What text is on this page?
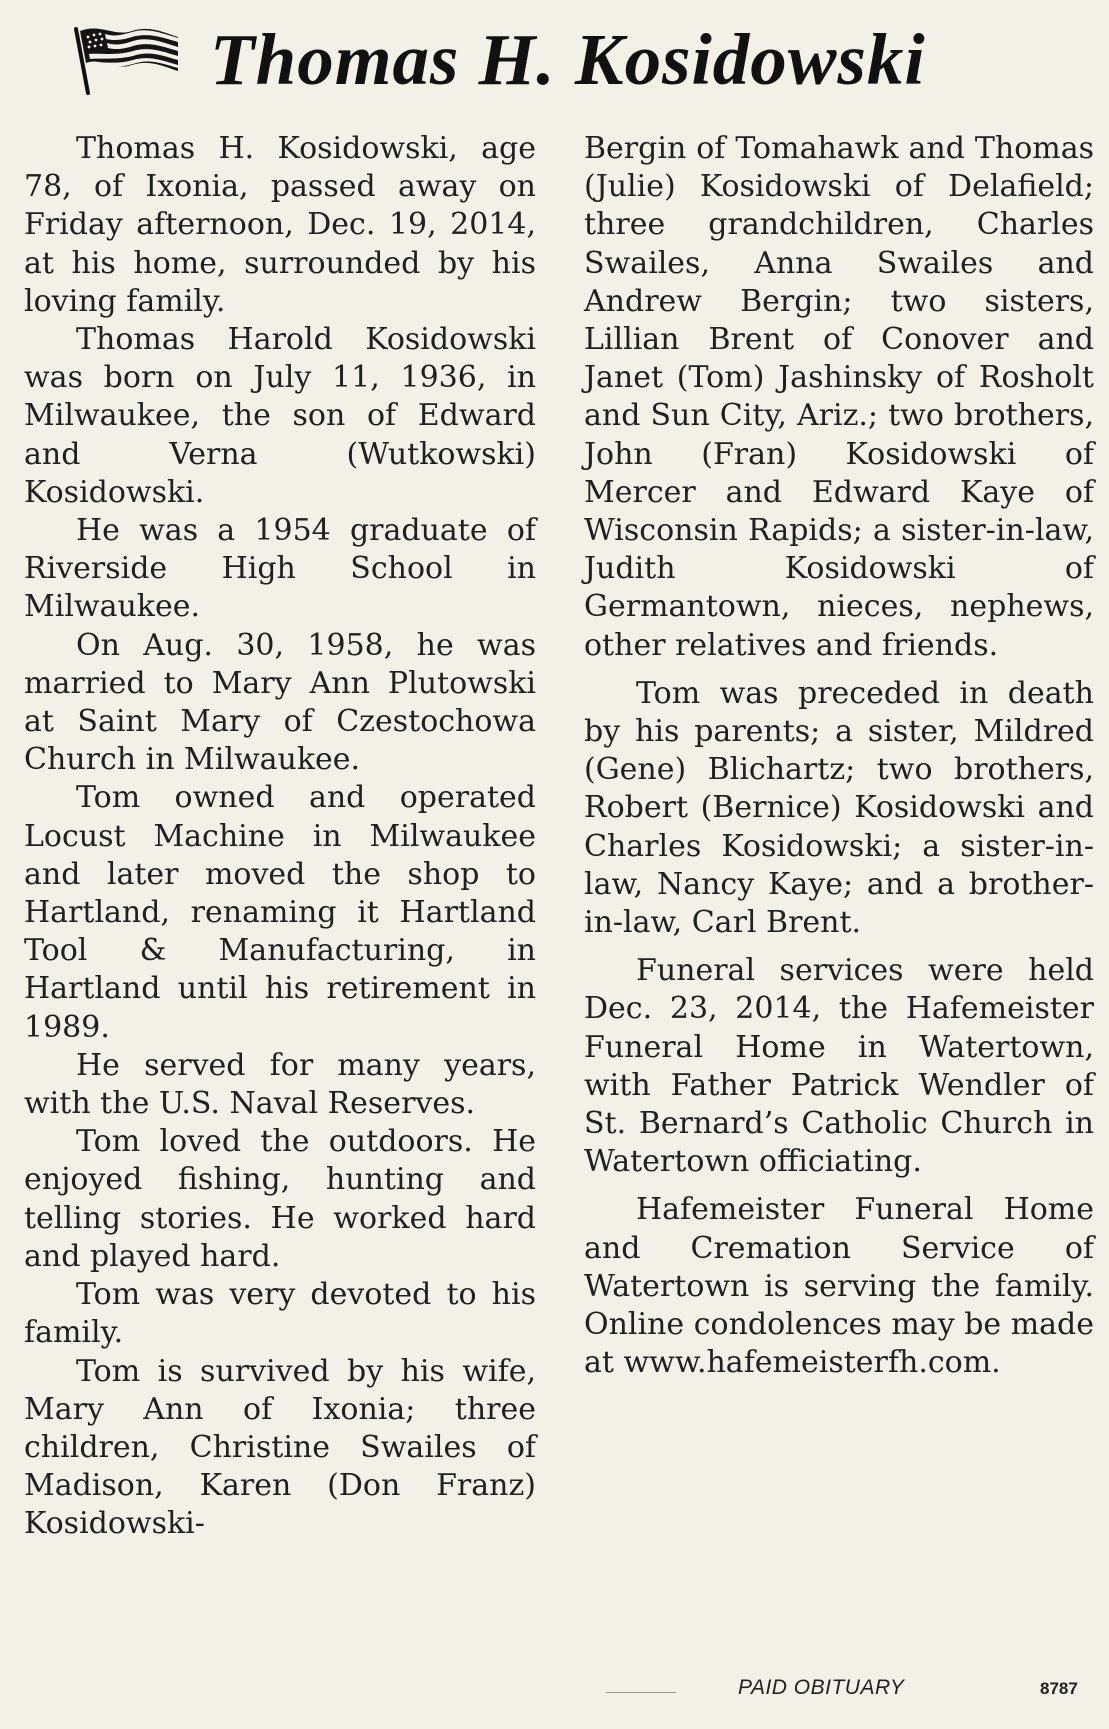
Thomas H. Kosidowski

Thomas H. Kosidowski, age 78, of Ixonia, passed away on Friday afternoon, Dec. 19, 2014, at his home, surrounded by his loving family.

Thomas Harold Kosidowski was born on July 11, 1936, in Milwaukee, the son of Edward and Verna (Wutkowski) Kosidowski.

He was a 1954 graduate of Riverside High School in Milwaukee.

On Aug. 30, 1958, he was married to Mary Ann Plutowski at Saint Mary of Czestochowa Church in Milwaukee.

Tom owned and operated Locust Machine in Milwaukee and later moved the shop to Hartland, renaming it Hartland Tool & Manufacturing, in Hartland until his retirement in 1989.

He served for many years, with the U.S. Naval Reserves.

Tom loved the outdoors. He enjoyed fishing, hunting and telling stories. He worked hard and played hard.

Tom was very devoted to his family.

Tom is survived by his wife, Mary Ann of Ixonia; three children, Christine Swailes of Madison, Karen (Don Franz) Kosidowski-

Bergin of Tomahawk and Thomas (Julie) Kosidowski of Delafield; three grandchildren, Charles Swailes, Anna Swailes and Andrew Bergin; two sisters, Lillian Brent of Conover and Janet (Tom) Jashinsky of Rosholt and Sun City, Ariz.; two brothers, John (Fran) Kosidowski of Mercer and Edward Kaye of Wisconsin Rapids; a sister-in-law, Judith Kosidowski of Germantown, nieces, nephews, other relatives and friends.

Tom was preceded in death by his parents; a sister, Mildred (Gene) Blichartz; two brothers, Robert (Bernice) Kosidowski and Charles Kosidowski; a sister-in-law, Nancy Kaye; and a brother-in-law, Carl Brent.

Funeral services were held Dec. 23, 2014, the Hafemeister Funeral Home in Watertown, with Father Patrick Wendler of St. Bernard’s Catholic Church in Watertown officiating.

Hafemeister Funeral Home and Cremation Service of Watertown is serving the family. Online condolences may be made at www.hafemeisterfh.com.

PAID OBITUARY	8787
